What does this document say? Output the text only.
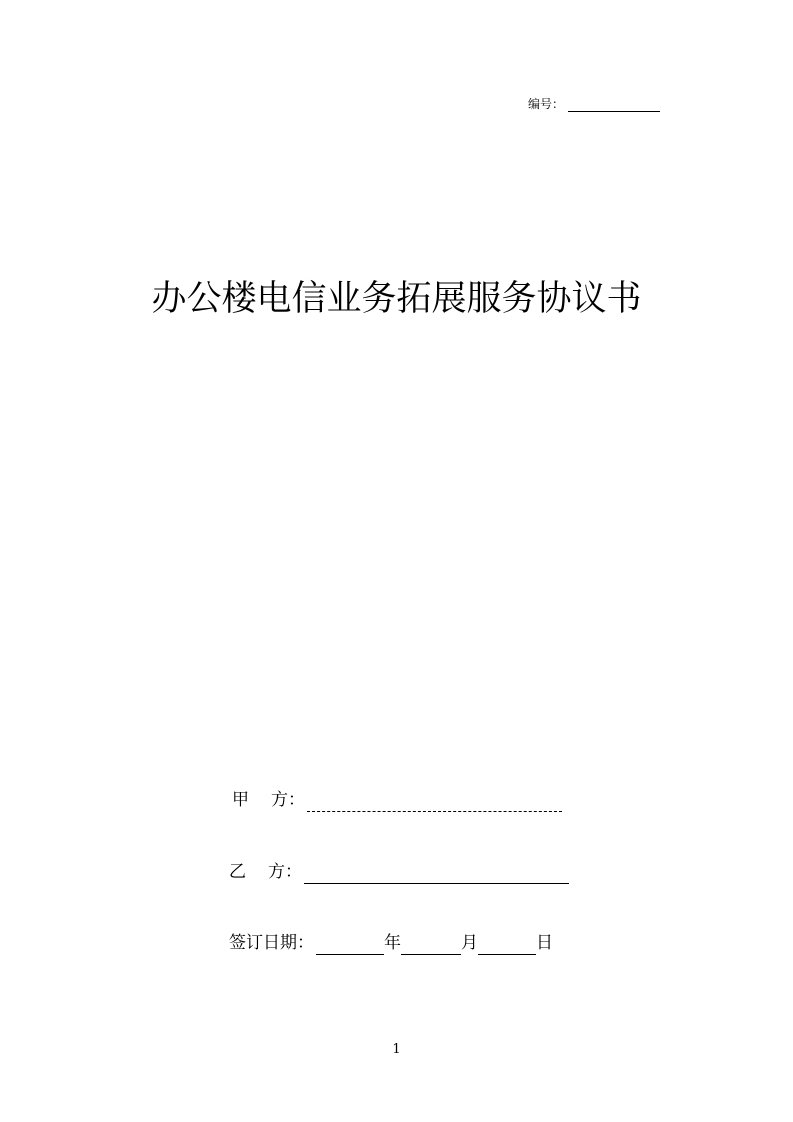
编号：
办公楼电信业务拓展服务协议书
甲 方：
乙 方：
签订日期：	年	月	日
1
